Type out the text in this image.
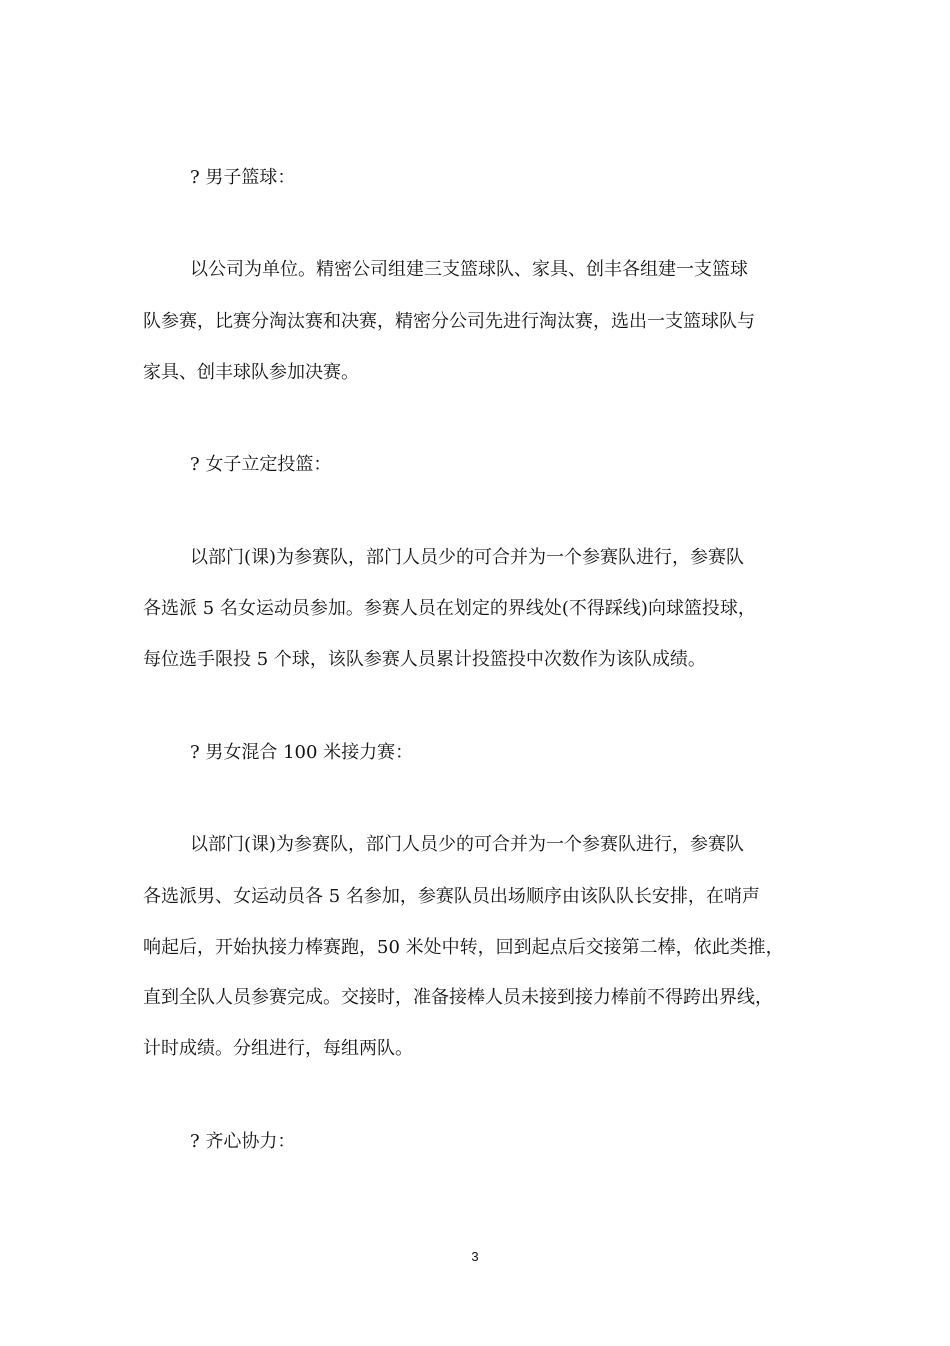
? 男子篮球：

以公司为单位。精密公司组建三支篮球队、家具、创丰各组建一支篮球

队参赛，比赛分淘汰赛和决赛，精密分公司先进行淘汰赛，选出一支篮球队与

家具、创丰球队参加决赛。

? 女子立定投篮：

以部门(课)为参赛队，部门人员少的可合并为一个参赛队进行，参赛队

各选派 5 名女运动员参加。参赛人员在划定的界线处(不得踩线)向球篮投球，

每位选手限投 5 个球，该队参赛人员累计投篮投中次数作为该队成绩。

? 男女混合 100 米接力赛：

以部门(课)为参赛队，部门人员少的可合并为一个参赛队进行，参赛队

各选派男、女运动员各 5 名参加，参赛队员出场顺序由该队队长安排，在哨声

响起后，开始执接力棒赛跑，50 米处中转，回到起点后交接第二棒，依此类推，

直到全队人员参赛完成。交接时，准备接棒人员未接到接力棒前不得跨出界线，

计时成绩。分组进行，每组两队。

? 齐心协力：

3
